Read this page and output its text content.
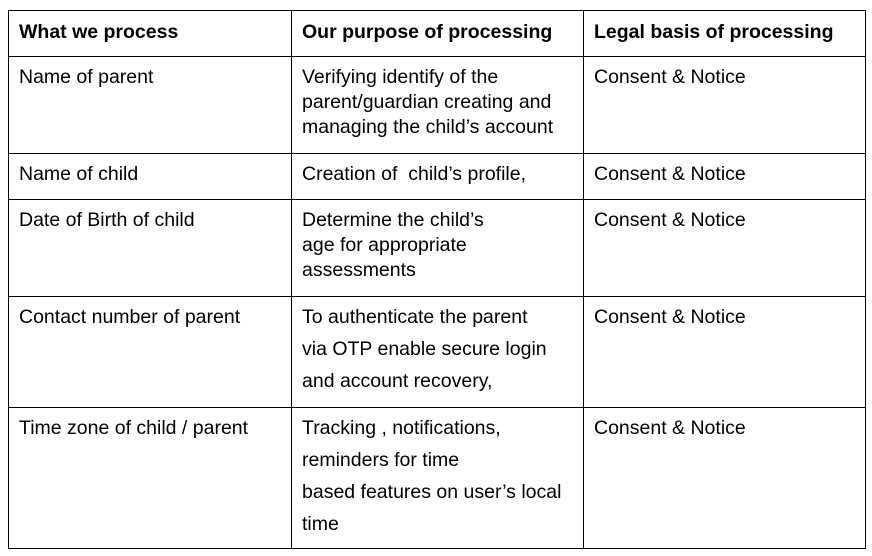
What we process	Our purpose of processing	Legal basis of processing
Name of parent	Verifying identify of the
parent/guardian creating and
managing the child’s account	Consent & Notice
Name of child	Creation of  child’s profile,	Consent & Notice
Date of Birth of child	Determine the child’s
age for appropriate
assessments	Consent & Notice
Contact number of parent	To authenticate the parent
via OTP enable secure login
and account recovery,	Consent & Notice
Time zone of child / parent	Tracking , notifications,
reminders for time
based features on user’s local
time	Consent & Notice
